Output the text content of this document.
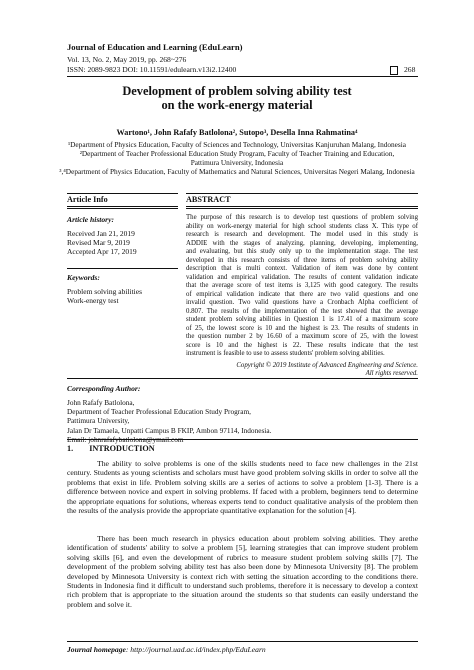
Journal of Education and Learning (EduLearn)
Vol. 13, No. 2, May 2019, pp. 268~276
ISSN: 2089-9823 DOI: 10.11591/edulearn.v13i2.12400	268
Development of problem solving ability test
on the work-energy material
Wartono¹, John Rafafy Batlolona², Sutopo³, Desella Inna Rahmatina⁴
¹Department of Physics Education, Faculty of Sciences and Technology, Universitas Kanjuruhan Malang, Indonesia
²Department of Teacher Professional Education Study Program, Faculty of Teacher Training and Education,
Pattimura University, Indonesia
³,⁴Department of Physics Education, Faculty of Mathematics and Natural Sciences, Universitas Negeri Malang, Indonesia
Article Info
Article history:
Received Jan 21, 2019
Revised Mar 9, 2019
Accepted Apr 17, 2019
Keywords:
Problem solving abilities
Work-energy test
ABSTRACT
The purpose of this research is to develop test questions of problem solving
ability on work-energy material for high school students class X. This type of
research is research and development. The model used in this study is
ADDIE with the stages of analyzing, planning, developing, implementing,
and evaluating, but this study only up to the implementation stage. The test
developed in this research consists of three items of problem solving ability
description that is multi context. Validation of item was done by content
validation and empirical validation. The results of content validation indicate
that the average score of test items is 3,125 with good category. The results
of empirical validation indicate that there are two valid questions and one
invalid question. Two valid questions have a Cronbach Alpha coefficient of
0.807. The results of the implementation of the test showed that the average
student problem solving abilities in Question 1 is 17.41 of a maximum score
of 25, the lowest score is 10 and the highest is 23. The results of students in
the question number 2 by 16.60 of a maximum score of 25, with the lowest
score is 10 and the highest is 22. These results indicate that the test
instrument is feasible to use to assess students' problem solving abilities.
Copyright © 2019 Institute of Advanced Engineering and Science.
All rights reserved.
Corresponding Author:
John Rafafy Batlolona,
Department of Teacher Professional Education Study Program,
Pattimura University,
Jalan Dr Tamaela, Unpatti Campus B FKIP, Ambon 97114, Indonesia.
Email: johnrafafybatlolona@ymail.com
1. INTRODUCTION
The ability to solve problems is one of the skills students need to face new challenges in the 21st century. Students as young scientists and scholars must have good problem solving skills in order to solve all the problems that exist in life. Problem solving skills are a series of actions to solve a problem [1-3]. There is a difference between novice and expert in solving problems. If faced with a problem, beginners tend to determine the appropriate equations for solutions, whereas experts tend to conduct qualitative analysis of the problem then the results of the analysis provide the appropriate quantitative explanation for the solution [4].
There has been much research in physics education about problem solving abilities. They arethe identification of students' ability to solve a problem [5], learning strategies that can improve student problem solving skills [6], and even the development of rubrics to measure student problem solving skills [7]. The development of the problem solving ability test has also been done by Minnesota University [8]. The problem developed by Minnesota University is context rich with setting the situation according to the conditions there. Students in Indonesia find it difficult to understand such problems, therefore it is necessary to develop a context rich problem that is appropriate to the situation around the students so that students can easily understand the problem and solve it.
Journal homepage: http://journal.uad.ac.id/index.php/EduLearn
